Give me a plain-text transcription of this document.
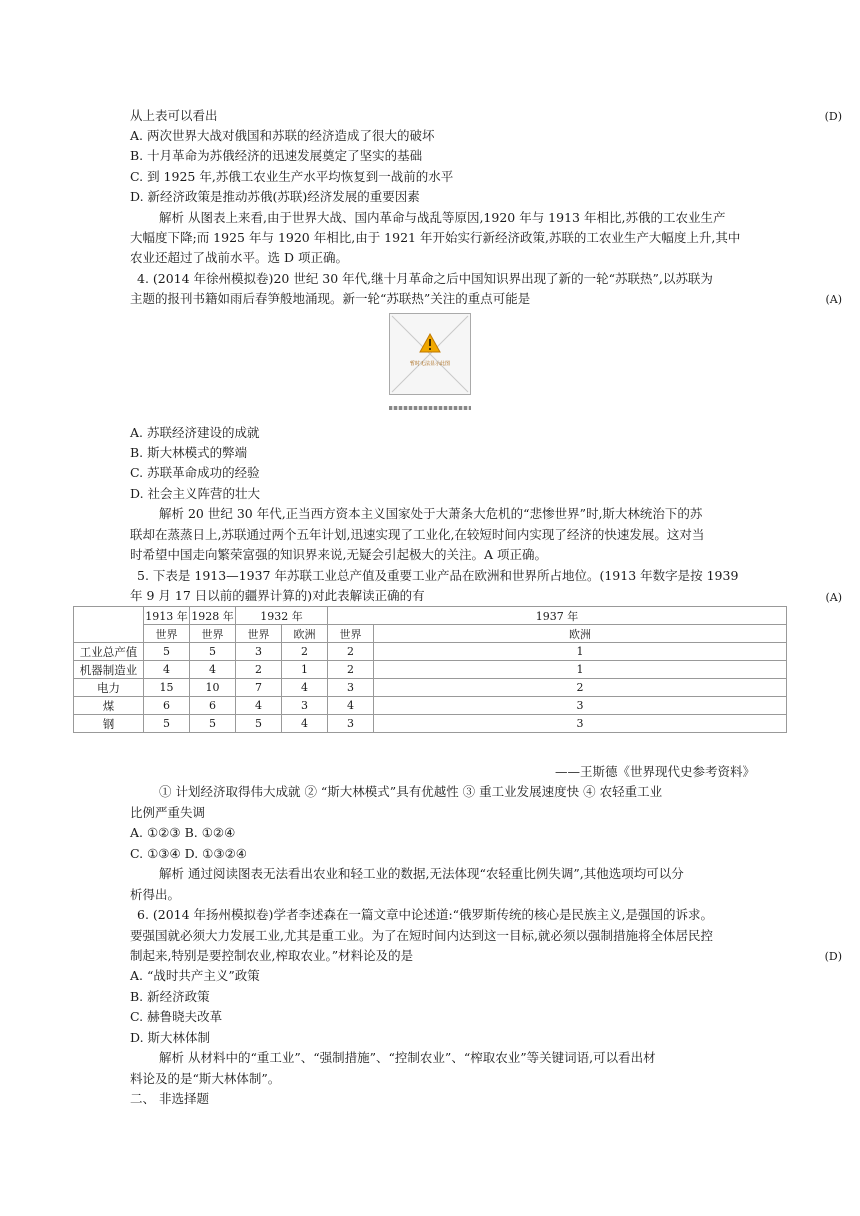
从上表可以看出	(D)
A. 两次世界大战对俄国和苏联的经济造成了很大的破坏
B. 十月革命为苏俄经济的迅速发展奠定了坚实的基础
C. 到 1925 年,苏俄工农业生产水平均恢复到一战前的水平
D. 新经济政策是推动苏俄(苏联)经济发展的重要因素
解析 从图表上来看,由于世界大战、国内革命与战乱等原因,1920 年与 1913 年相比,苏俄的工农业生产
大幅度下降;而 1925 年与 1920 年相比,由于 1921 年开始实行新经济政策,苏联的工农业生产大幅度上升,其中
农业还超过了战前水平。选 D 项正确。
4. (2014 年徐州模拟卷)20 世纪 30 年代,继十月革命之后中国知识界出现了新的一轮“苏联热”,以苏联为
主题的报刊书籍如雨后春笋般地涌现。新一轮“苏联热”关注的重点可能是	(A)
暂时无法显示此图
A. 苏联经济建设的成就
B. 斯大林模式的弊端
C. 苏联革命成功的经验
D. 社会主义阵营的壮大
解析 20 世纪 30 年代,正当西方资本主义国家处于大萧条大危机的“悲惨世界”时,斯大林统治下的苏
联却在蒸蒸日上,苏联通过两个五年计划,迅速实现了工业化,在较短时间内实现了经济的快速发展。这对当
时希望中国走向繁荣富强的知识界来说,无疑会引起极大的关注。A 项正确。
5. 下表是 1913—1937 年苏联工业总产值及重要工业产品在欧洲和世界所占地位。(1913 年数字是按 1939
年 9 月 17 日以前的疆界计算的)对此表解读正确的有	(A)
	1913 年	1928 年	1932 年		1937 年	
	世界	世界	世界	欧洲	世界	欧洲
工业总产值	5	5	3	2	2	1
机器制造业	4	4	2	1	2	1
电力	15	10	7	4	3	2
煤	6	6	4	3	4	3
钢	5	5	5	4	3	3
——王斯德《世界现代史参考资料》
① 计划经济取得伟大成就 ② “斯大林模式”具有优越性 ③ 重工业发展速度快 ④ 农轻重工业
比例严重失调
A. ①②③ B. ①②④
C. ①③④ D. ①③②④
解析 通过阅读图表无法看出农业和轻工业的数据,无法体现“农轻重比例失调”,其他选项均可以分
析得出。
6. (2014 年扬州模拟卷)学者李述森在一篇文章中论述道:“俄罗斯传统的核心是民族主义,是强国的诉求。
要强国就必须大力发展工业,尤其是重工业。为了在短时间内达到这一目标,就必须以强制措施将全体居民控
制起来,特别是要控制农业,榨取农业。”材料论及的是	(D)
A. “战时共产主义”政策
B. 新经济政策
C. 赫鲁晓夫改革
D. 斯大林体制
解析 从材料中的“重工业”、“强制措施”、“控制农业”、“榨取农业”等关键词语,可以看出材
料论及的是“斯大林体制”。
二、 非选择题
